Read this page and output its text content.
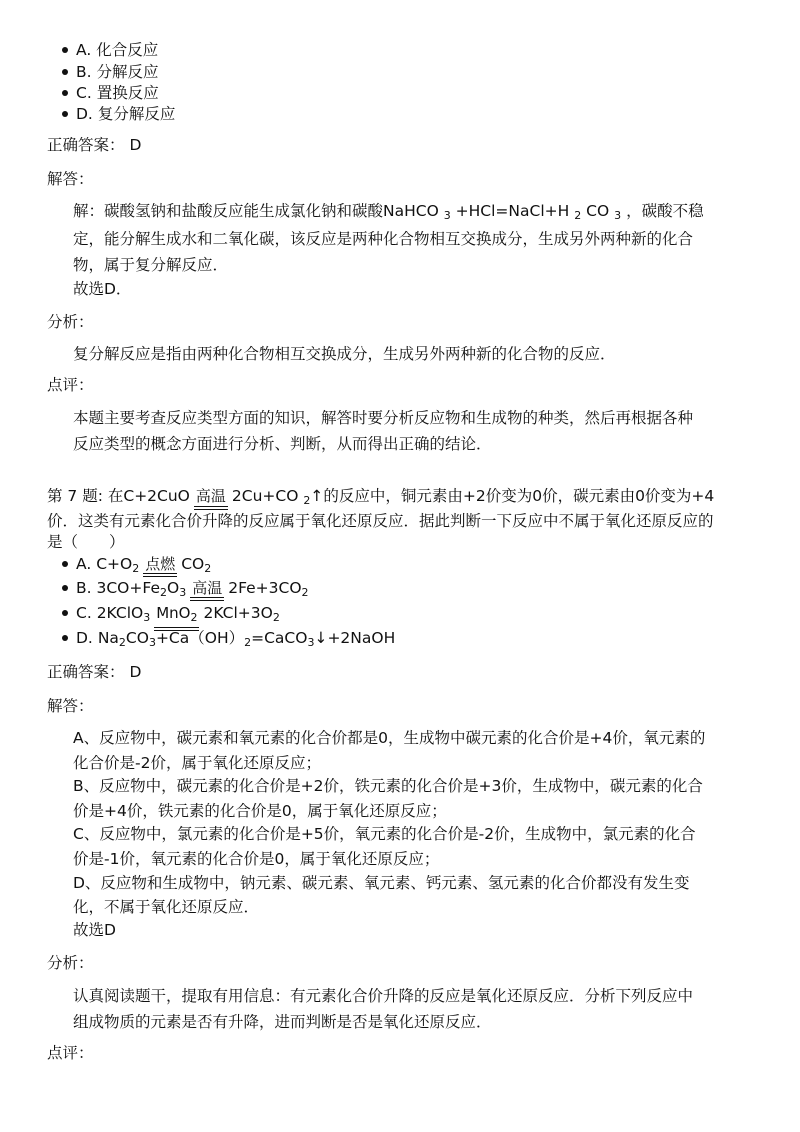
A. 化合反应
B. 分解反应
C. 置换反应
D. 复分解反应
正确答案： D
解答：
解：碳酸氢钠和盐酸反应能生成氯化钠和碳酸NaHCO $_3$ +HCl=NaCl+H $_2$ CO $_3$ ，碳酸不稳
定，能分解生成水和二氧化碳，该反应是两种化合物相互交换成分，生成另外两种新的化合
物，属于复分解反应．
故选D．
分析：
复分解反应是指由两种化合物相互交换成分，生成另外两种新的化合物的反应．
点评：
本题主要考查反应类型方面的知识，解答时要分析反应物和生成物的种类，然后再根据各种
反应类型的概念方面进行分析、判断，从而得出正确的结论．
第 7 题: 在C+2CuO 高温 2Cu+CO $_2$↑的反应中，铜元素由+2价变为0价，碳元素由0价变为+4
价．这类有元素化合价升降的反应属于氧化还原反应．据此判断一下反应中不属于氧化还原反应的
是（　　）
A. $C+O_2$ 点燃 $CO_2$
B. $3CO+Fe_2O_3$ 高温 $2Fe+3CO_2$
C. 2KClO$_3$ MnO$_2$ $2KCl+3O_2$
D. $Na_2CO_3+Ca(OH)_2=CaCO_3↓+2NaOH$
正确答案： D
解答：
A、反应物中，碳元素和氧元素的化合价都是0，生成物中碳元素的化合价是+4价，氧元素的
化合价是-2价，属于氧化还原反应；
B、反应物中，碳元素的化合价是+2价，铁元素的化合价是+3价，生成物中，碳元素的化合
价是+4价，铁元素的化合价是0，属于氧化还原反应；
C、反应物中，氯元素的化合价是+5价，氧元素的化合价是-2价，生成物中，氯元素的化合
价是-1价，氧元素的化合价是0，属于氧化还原反应；
D、反应物和生成物中，钠元素、碳元素、氧元素、钙元素、氢元素的化合价都没有发生变
化，不属于氧化还原反应．
故选D
分析：
认真阅读题干，提取有用信息：有元素化合价升降的反应是氧化还原反应．分析下列反应中
组成物质的元素是否有升降，进而判断是否是氧化还原反应．
点评：
